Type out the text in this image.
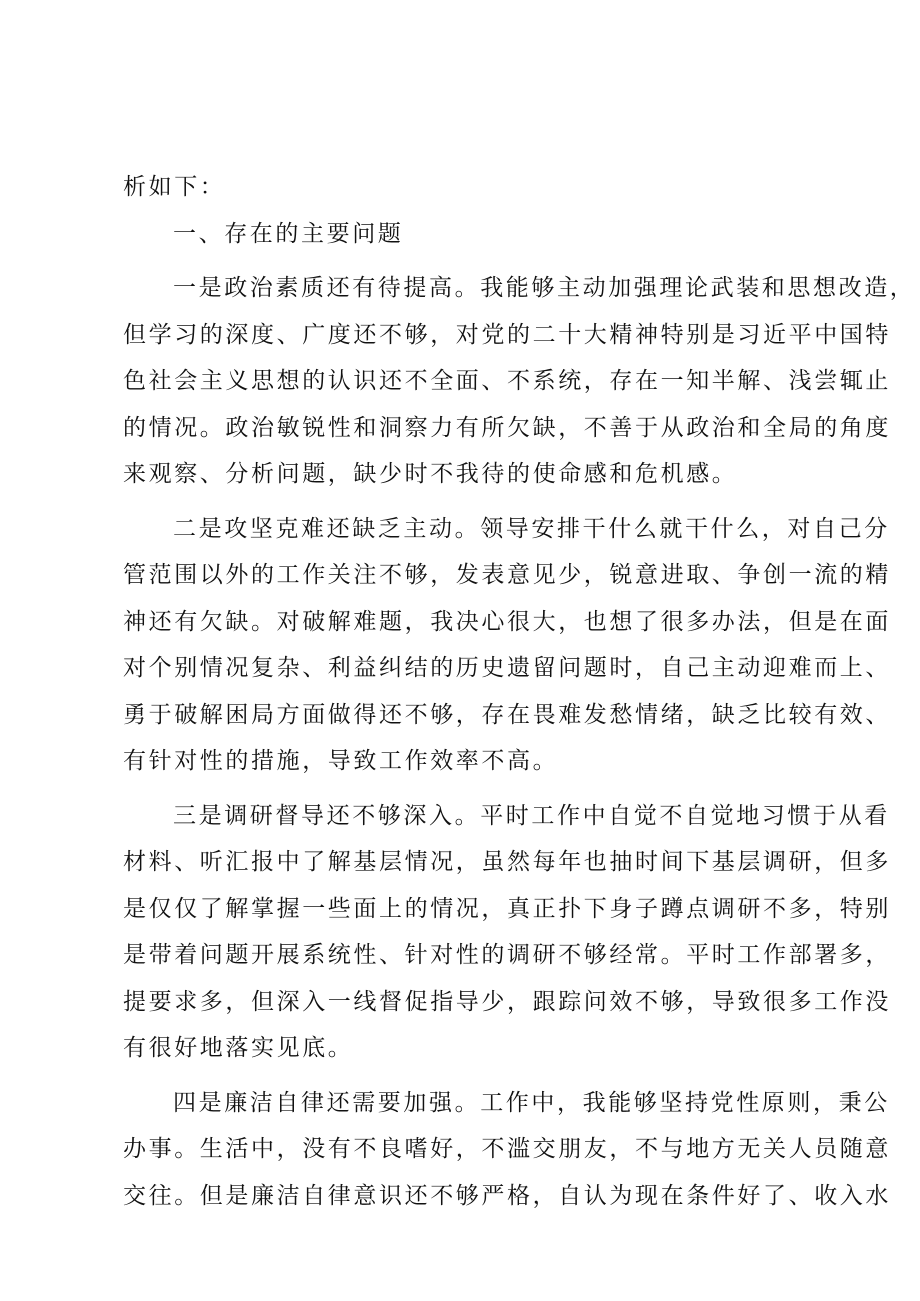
析如下：
一、存在的主要问题
一是政治素质还有待提高。我能够主动加强理论武装和思想改造，
但学习的深度、广度还不够，对党的二十大精神特别是习近平中国特
色社会主义思想的认识还不全面、不系统，存在一知半解、浅尝辄止
的情况。政治敏锐性和洞察力有所欠缺，不善于从政治和全局的角度
来观察、分析问题，缺少时不我待的使命感和危机感。
二是攻坚克难还缺乏主动。领导安排干什么就干什么，对自己分
管范围以外的工作关注不够，发表意见少，锐意进取、争创一流的精
神还有欠缺。对破解难题，我决心很大，也想了很多办法，但是在面
对个别情况复杂、利益纠结的历史遗留问题时，自己主动迎难而上、
勇于破解困局方面做得还不够，存在畏难发愁情绪，缺乏比较有效、
有针对性的措施，导致工作效率不高。
三是调研督导还不够深入。平时工作中自觉不自觉地习惯于从看
材料、听汇报中了解基层情况，虽然每年也抽时间下基层调研，但多
是仅仅了解掌握一些面上的情况，真正扑下身子蹲点调研不多，特别
是带着问题开展系统性、针对性的调研不够经常。平时工作部署多，
提要求多，但深入一线督促指导少，跟踪问效不够，导致很多工作没
有很好地落实见底。
四是廉洁自律还需要加强。工作中，我能够坚持党性原则，秉公
办事。生活中，没有不良嗜好，不滥交朋友，不与地方无关人员随意
交往。但是廉洁自律意识还不够严格，自认为现在条件好了、收入水
